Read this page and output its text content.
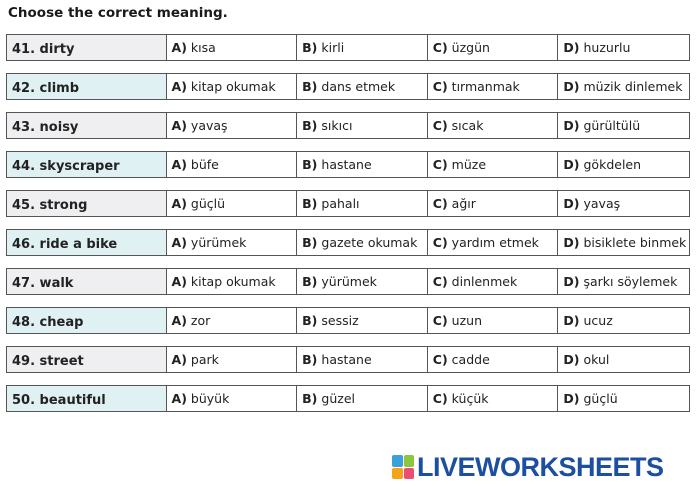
Choose the correct meaning.
41. dirty	A) kısa	B) kirli	C) üzgün	D) huzurlu
42. climb	A) kitap okumak B) dans etmek	C) tırmanmak	D) müzik dinlemek
43. noisy	A) yavaş	B) sıkıcı	C) sıcak	D) gürültülü
44. skyscraper	A) büfe	B) hastane	C) müze	D) gökdelen
45. strong	A) güçlü	B) pahalı	C) ağır	D) yavaş
46. ride a bike	A) yürümek	B) gazete okumak C) yardım etmek D) bisiklete binmek
47. walk	A) kitap okumak B) yürümek	C) dinlenmek	D) şarkı söylemek
48. cheap	A) zor	B) sessiz	C) uzun	D) ucuz
49. street	A) park	B) hastane	C) cadde	D) okul
50. beautiful	A) büyük	B) güzel	C) küçük	D) güçlü
LIVEWORKSHEETS
